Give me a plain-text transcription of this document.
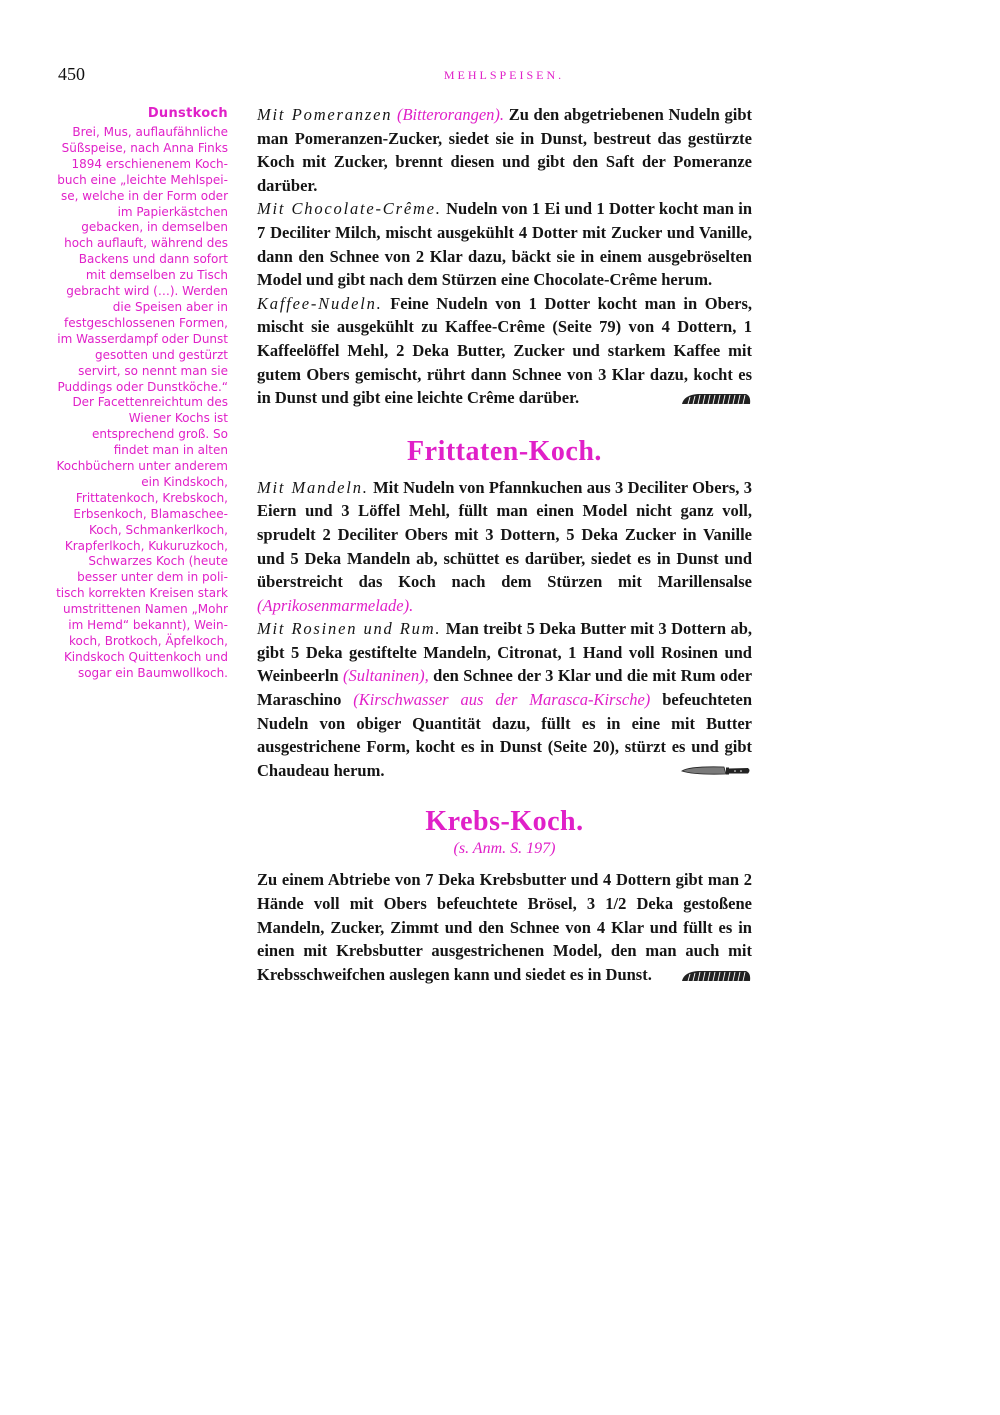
450	MEHLSPEISEN.
Dunstkoch
Brei, Mus, auflaufähnliche Süßspeise, nach Anna Finks 1894 erschienenem Kochbuch eine „leichte Mehlspeise, welche in der Form oder im Papierkästchen gebacken, in demselben hoch auflauft, während des Backens und dann sofort mit demselben zu Tisch gebracht wird (…). Werden die Speisen aber in festgeschlossenen Formen, im Wasserdampf oder Dunst gesotten und gestürzt servirt, so nennt man sie Puddings oder Dunstköche.“ Der Facettenreichtum des Wiener Kochs ist entsprechend groß. So findet man in alten Kochbüchern unter anderem ein Kindskoch, Frittatenkoch, Krebskoch, Erbsenkoch, Blamaschee-Koch, Schmankerlkoch, Krapferlkoch, Kukuruzkoch, Schwarzes Koch (heute besser unter dem in politisch korrekten Kreisen stark umstrittenen Namen „Mohr im Hemd“ bekannt), Weinkoch, Brotkoch, Äpfelkoch, Kindskoch Quittenkoch und sogar ein Baumwollkoch.

Mit Pomeranzen (Bitterorangen). Zu den abgetriebenen Nudeln gibt man Pomeranzen-Zucker, siedet sie in Dunst, bestreut das gestürzte Koch mit Zucker, brennt diesen und gibt den Saft der Pomeranze darüber.

Mit Chocolate-Crême. Nudeln von 1 Ei und 1 Dotter kocht man in 7 Deciliter Milch, mischt ausgekühlt 4 Dotter mit Zucker und Vanille, dann den Schnee von 2 Klar dazu, bäckt sie in einem ausgebröselten Model und gibt nach dem Stürzen eine Chocolate-Crême herum.

Kaffee-Nudeln. Feine Nudeln von 1 Dotter kocht man in Obers, mischt sie ausgekühlt zu Kaffee-Crême (Seite 79) von 4 Dottern, 1 Kaffeelöffel Mehl, 2 Deka Butter, Zucker und starkem Kaffee mit gutem Obers gemischt, rührt dann Schnee von 3 Klar dazu, kocht es in Dunst und gibt eine leichte Crême darüber.

Frittaten-Koch.

Mit Mandeln. Mit Nudeln von Pfannkuchen aus 3 Deciliter Obers, 3 Eiern und 3 Löffel Mehl, füllt man einen Model nicht ganz voll, sprudelt 2 Deciliter Obers mit 3 Dottern, 5 Deka Zucker in Vanille und 5 Deka Mandeln ab, schüttet es darüber, siedet es in Dunst und überstreicht das Koch nach dem Stürzen mit Marillensalse (Aprikosenmarmelade).

Mit Rosinen und Rum. Man treibt 5 Deka Butter mit 3 Dottern ab, gibt 5 Deka gestiftelte Mandeln, Citronat, 1 Hand voll Rosinen und Weinbeerln (Sultaninen), den Schnee der 3 Klar und die mit Rum oder Maraschino (Kirschwasser aus der Marasca-Kirsche) befeuchteten Nudeln von obiger Quantität dazu, füllt es in eine mit Butter ausgestrichene Form, kocht es in Dunst (Seite 20), stürzt es und gibt Chaudeau herum.

Krebs-Koch.
(s. Anm. S. 197)

Zu einem Abtriebe von 7 Deka Krebsbutter und 4 Dottern gibt man 2 Hände voll mit Obers befeuchtete Brösel, 3 1/2 Deka gestoßene Mandeln, Zucker, Zimmt und den Schnee von 4 Klar und füllt es in einen mit Krebsbutter ausgestrichenen Model, den man auch mit Krebsschweifchen auslegen kann und siedet es in Dunst.
